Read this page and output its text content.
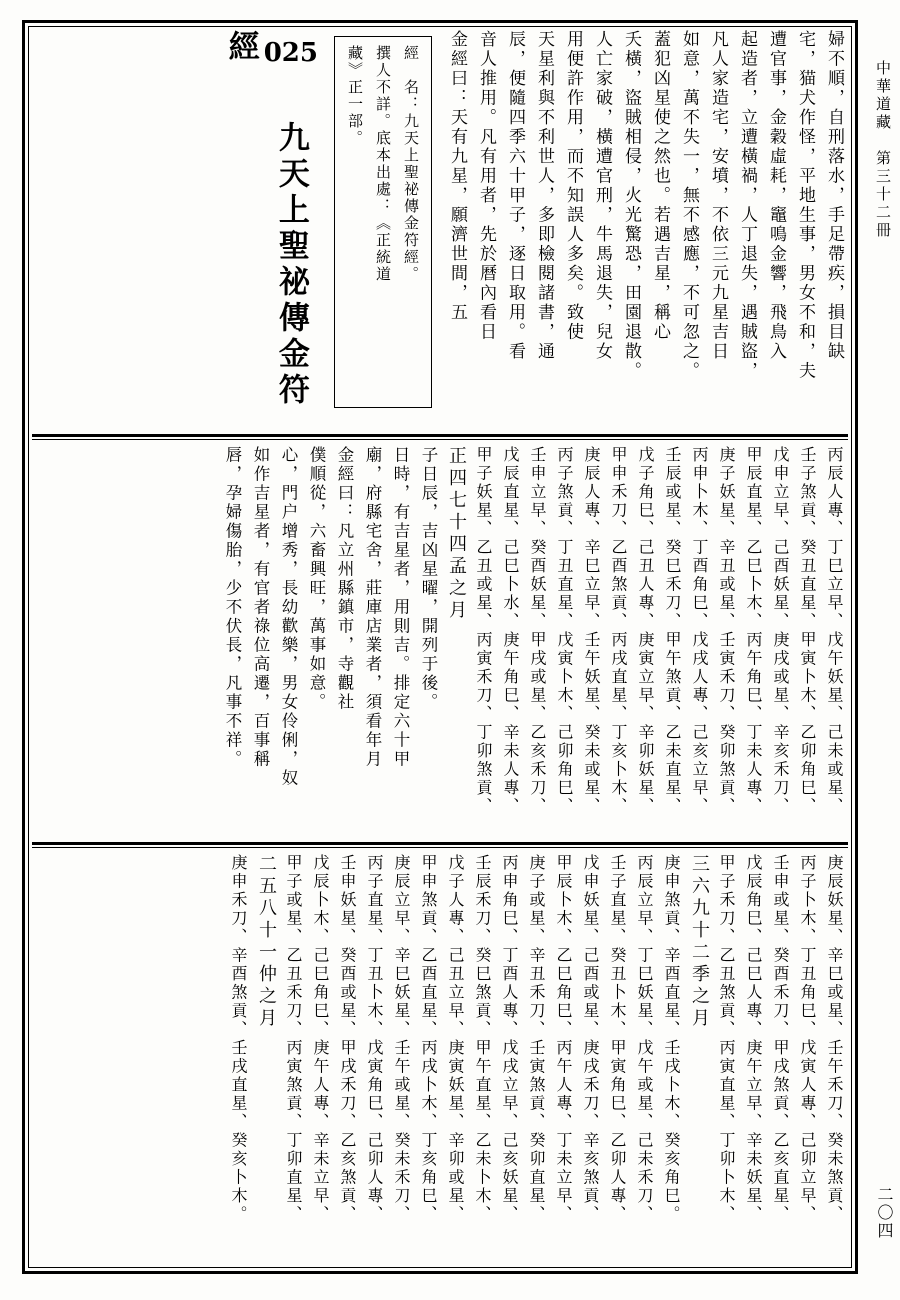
中華道藏　第三十二冊
二〇四
025 九天上聖祕傳金符經	經　名：九天上聖祕傳金符經。
撰人不詳。底本出處：《正統道
藏》正一部。	金經曰：天有九星，願濟世間，五 音人推用。凡有用者，先於曆內看日 辰，便隨四季六十甲子，逐日取用。看 天星利與不利世人，多即檢閱諸書，通 用便許作用，而不知誤人多矣。致使 人亡家破，橫遭官刑，牛馬退失，兒女 夭橫，盜賊相侵，火光驚恐，田園退散。 蓋犯凶星使之然也。若遇吉星，稱心 如意，萬不失一，無不感應，不可忽之。 凡人家造宅，安墳，不依三元九星吉日 起造者，立遭橫禍，人丁退失，遇賊盜， 遭官事，金穀虛耗，竈鳴金響，飛鳥入 宅，猫犬作怪，平地生事，男女不和，夫 婦不順，自刑落水，手足帶疾，損目缺
唇，孕婦傷胎，少不伏長，凡事不祥。 如作吉星者，有官者祿位高遷，百事稱 心，門户增秀，長幼歡樂，男女伶俐，奴 僕順從，六畜興旺，萬事如意。 金經曰：凡立州縣鎮市，寺觀社 廟，府縣宅舍，莊庫店業者，須看年月 日時，有吉星者，用則吉。排定六十甲 子日辰，吉凶星曜，開列于後。 正四七十四孟之月 甲子妖星、乙丑或星、丙寅禾刀、丁卯煞貢、 戊辰直星、己巳卜水、庚午角巳、辛未人專、 壬申立早、癸酉妖星、甲戌或星、乙亥禾刀、 丙子煞貢、丁丑直星、戊寅卜木、己卯角巳、 庚辰人專、辛巳立早、壬午妖星、癸未或星、 甲申禾刀、乙酉煞貢、丙戌直星、丁亥卜木、 戊子角巳、己丑人專、庚寅立早、辛卯妖星、 壬辰或星、癸巳禾刀、甲午煞貢、乙未直星、 丙申卜木、丁酉角巳、戊戌人專、己亥立早、 庚子妖星、辛丑或星、壬寅禾刀、癸卯煞貢、 甲辰直星、乙巳卜木、丙午角巳、丁未人專、 戊申立早、己酉妖星、庚戌或星、辛亥禾刀、 壬子煞貢、癸丑直星、甲寅卜木、乙卯角巳、 丙辰人專、丁巳立早、戊午妖星、己未或星、
庚申禾刀、辛酉煞貢、壬戌直星、癸亥卜木。 二五八十一仲之月 甲子或星、乙丑禾刀、丙寅煞貢、丁卯直星、 戊辰卜木、己巳角巳、庚午人專、辛未立早、 壬申妖星、癸酉或星、甲戌禾刀、乙亥煞貢、 丙子直星、丁丑卜木、戊寅角巳、己卯人專、 庚辰立早、辛巳妖星、壬午或星、癸未禾刀、 甲申煞貢、乙酉直星、丙戌卜木、丁亥角巳、 戊子人專、己丑立早、庚寅妖星、辛卯或星、 壬辰禾刀、癸巳煞貢、甲午直星、乙未卜木、 丙申角巳、丁酉人專、戊戌立早、己亥妖星、 庚子或星、辛丑禾刀、壬寅煞貢、癸卯直星、 甲辰卜木、乙巳角巳、丙午人專、丁未立早、 戊申妖星、己酉或星、庚戌禾刀、辛亥煞貢、 壬子直星、癸丑卜木、甲寅角巳、乙卯人專、 丙辰立早、丁巳妖星、戊午或星、己未禾刀、 庚申煞貢、辛酉直星、壬戌卜木、癸亥角巳。 三六九十二季之月 甲子禾刀、乙丑煞貢、丙寅直星、丁卯卜木、 戊辰角巳、己巳人專、庚午立早、辛未妖星、 壬申或星、癸酉禾刀、甲戌煞貢、乙亥直星、 丙子卜木、丁丑角巳、戊寅人專、己卯立早、 庚辰妖星、辛巳或星、壬午禾刀、癸未煞貢、
